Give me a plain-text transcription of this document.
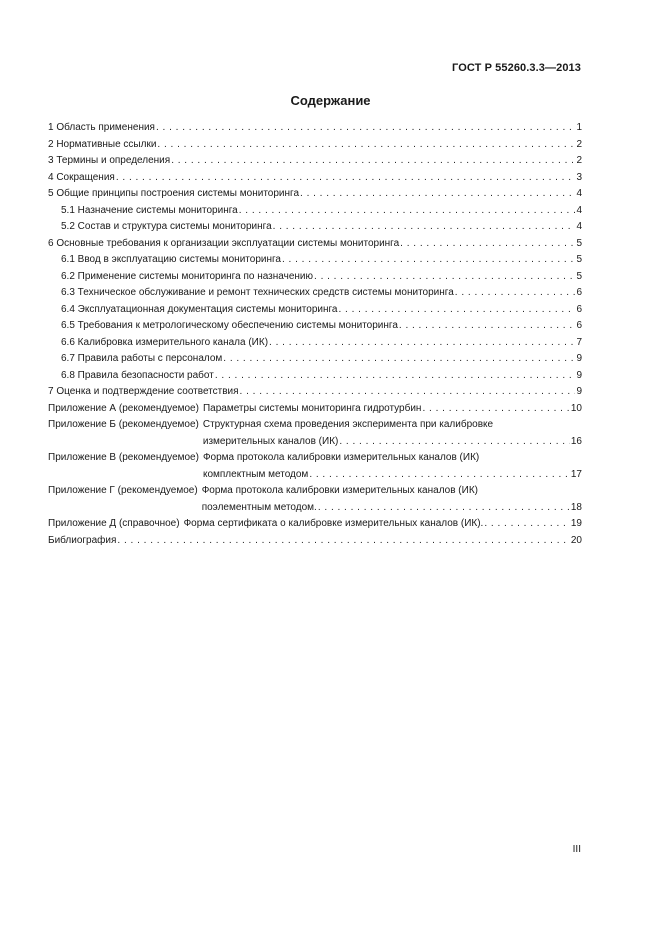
ГОСТ Р 55260.3.3—2013
Содержание
1 Область применения . . .	1
2 Нормативные ссылки . . .	2
3 Термины и определения . . .	2
4 Сокращения . . .	3
5 Общие принципы построения системы мониторинга . . .	4
5.1 Назначение системы мониторинга . . .	4
5.2 Состав и структура системы мониторинга . . .	4
6 Основные требования к организации эксплуатации системы мониторинга . . .	5
6.1 Ввод в эксплуатацию системы мониторинга . . .	5
6.2 Применение системы мониторинга по назначению . . .	5
6.3 Техническое обслуживание и ремонт технических средств системы мониторинга . . .	6
6.4 Эксплуатационная документация системы мониторинга . . .	6
6.5 Требования к метрологическому обеспечению системы мониторинга . . .	6
6.6 Калибровка измерительного канала (ИК) . . .	7
6.7 Правила работы с персоналом . . .	9
6.8 Правила безопасности работ . . .	9
7 Оценка и подтверждение соответствия . . .	9
Приложение А (рекомендуемое) Параметры системы мониторинга гидротурбин . . .	10
Приложение Б (рекомендуемое) Структурная схема проведения эксперимента при калибровке
измерительных каналов (ИК) . . .	16
Приложение В (рекомендуемое) Форма протокола калибровки измерительных каналов (ИК)
комплектным методом . . .	17
Приложение Г (рекомендуемое) Форма протокола калибровки измерительных каналов (ИК)
поэлементным методом. . . .	18
Приложение Д (справочное) Форма сертификата о калибровке измерительных каналов (ИК). . . .	19
Библиография . . .	20
III
